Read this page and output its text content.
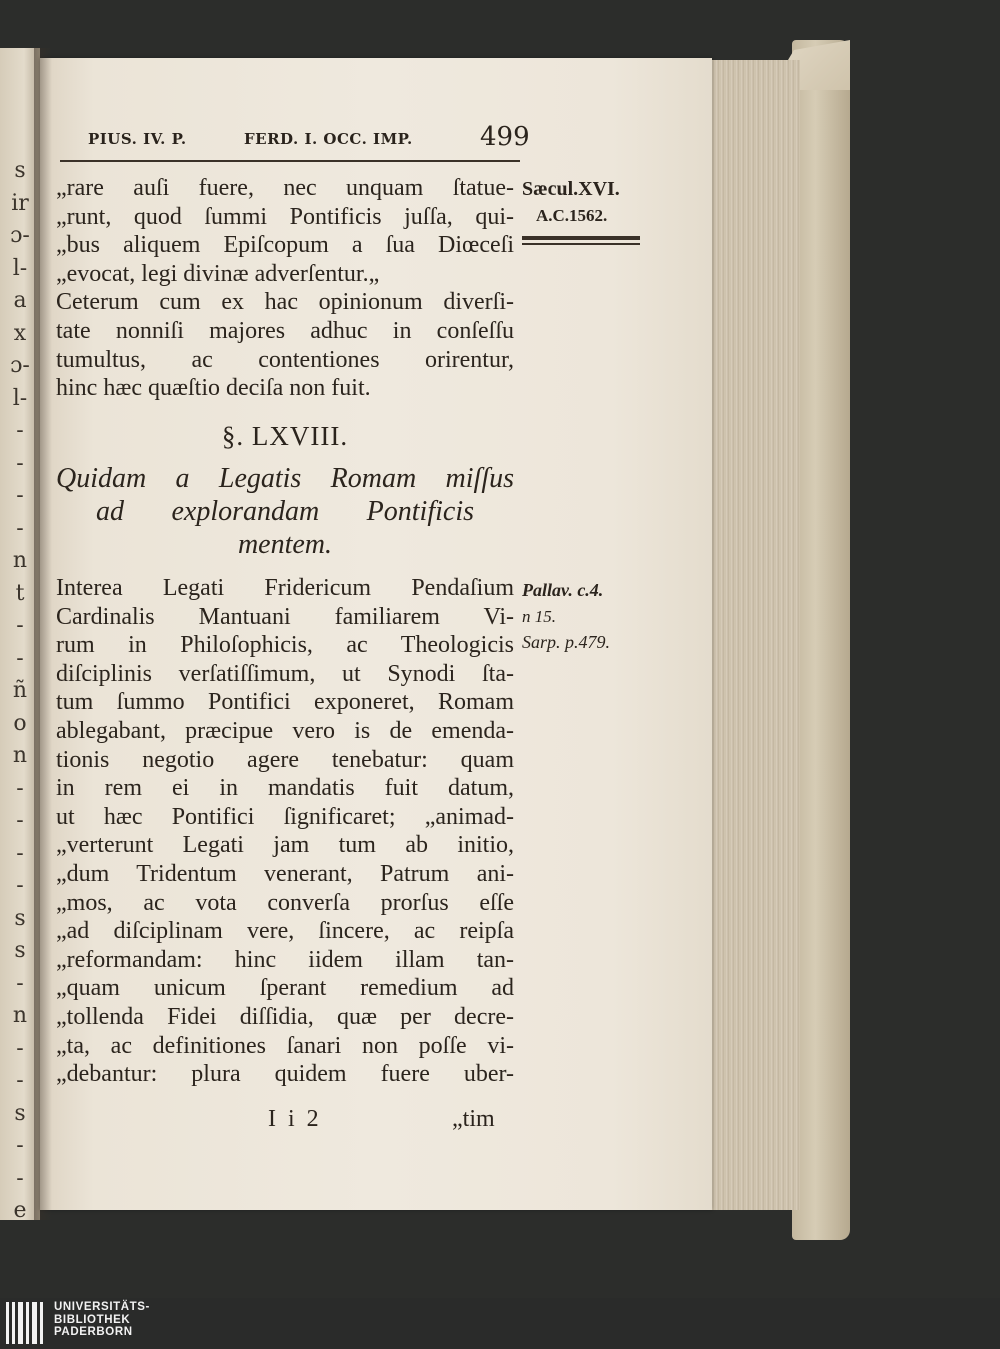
s
ir
ɔ-
l-
a
x
ɔ-
l-
-
-
-
-
n
t
-
-
ñ
o
n
-
-
-
-
s
s
-
n
-
-
s
-
-
e
PIUS. IV. P.	FERD. I. OCC. IMP.	499
Sæcul.XVI.
A.C.1562.
„rare auſi fuere, nec unquam ſtatue-
„runt, quod ſummi Pontificis juſſa, qui-
„bus aliquem Epiſcopum a ſua Diœceſi
„evocat, legi divinæ adverſentur.„
Ceterum cum ex hac opinionum diverſi-
tate nonniſi majores adhuc in conſeſſu
tumultus, ac contentiones orirentur,
hinc hæc quæſtio deciſa non fuit.
§. LXVIII.
Quidam a Legatis Romam miſſus
ad explorandam Pontificis
mentem.
Interea Legati Fridericum Pendaſium
Cardinalis Mantuani familiarem Vi-
rum in Philoſophicis, ac Theologicis
diſciplinis verſatiſſimum, ut Synodi ſta-
tum ſummo Pontifici exponeret, Romam
ablegabant, præcipue vero is de emenda-
tionis negotio agere tenebatur: quam
in rem ei in mandatis fuit datum,
ut hæc Pontifici ſignificaret; „animad-
„verterunt Legati jam tum ab initio,
„dum Tridentum venerant, Patrum ani-
„mos, ac vota converſa prorſus eſſe
„ad diſciplinam vere, ſincere, ac reipſa
„reformandam: hinc iidem illam tan-
„quam unicum ſperant remedium ad
„tollenda Fidei diſſidia, quæ per decre-
„ta, ac definitiones ſanari non poſſe vi-
„debantur: plura quidem fuere uber-
Pallav. c.4.
n 15.
Sarp. p.479.
I i 2	„tim
UNIVERSITÄTS-
BIBLIOTHEK
PADERBORN
